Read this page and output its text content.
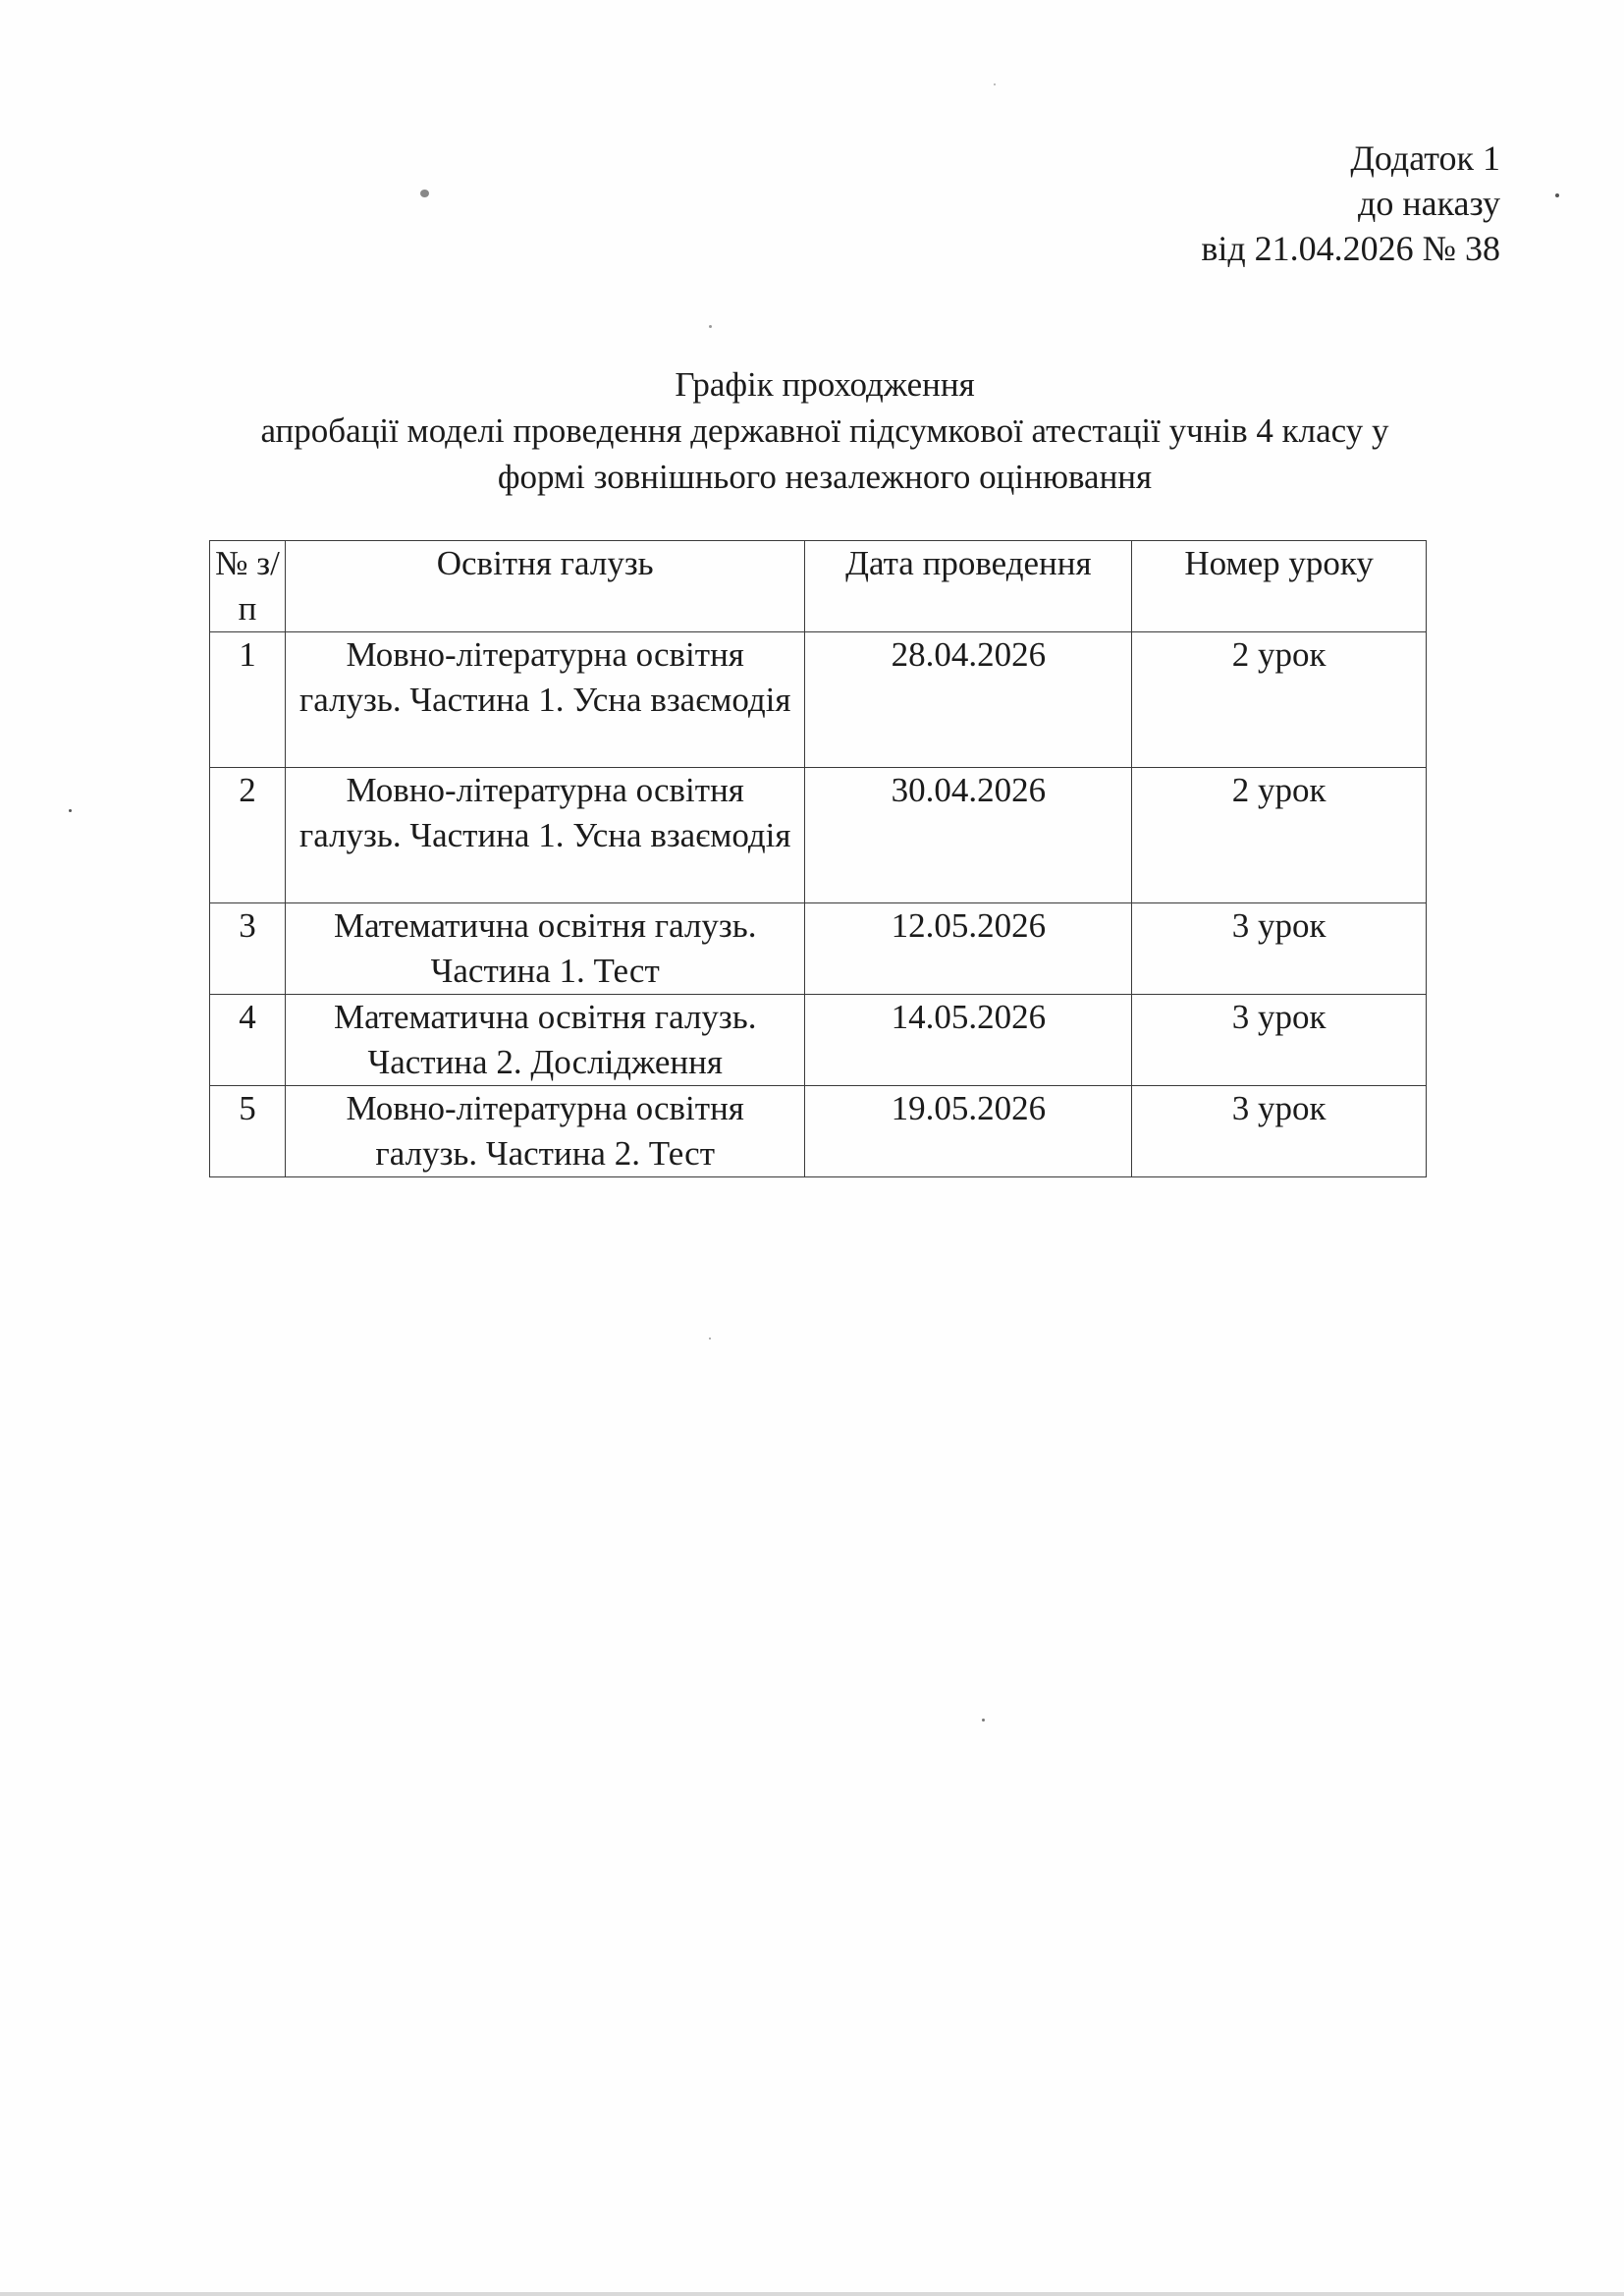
Додаток 1
до наказу
від 21.04.2026 № 38
Графік проходження
апробації моделі проведення державної підсумкової атестації учнів 4 класу у
формі зовнішнього незалежного оцінювання
№ з/п	Освітня галузь	Дата проведення	Номер уроку
1	Мовно-літературна освітня галузь. Частина 1. Усна взаємодія	28.04.2026	2 урок
2	Мовно-літературна освітня галузь. Частина 1. Усна взаємодія	30.04.2026	2 урок
3	Математична освітня галузь. Частина 1. Тест	12.05.2026	3 урок
4	Математична освітня галузь. Частина 2. Дослідження	14.05.2026	3 урок
5	Мовно-літературна освітня галузь. Частина 2. Тест	19.05.2026	3 урок
